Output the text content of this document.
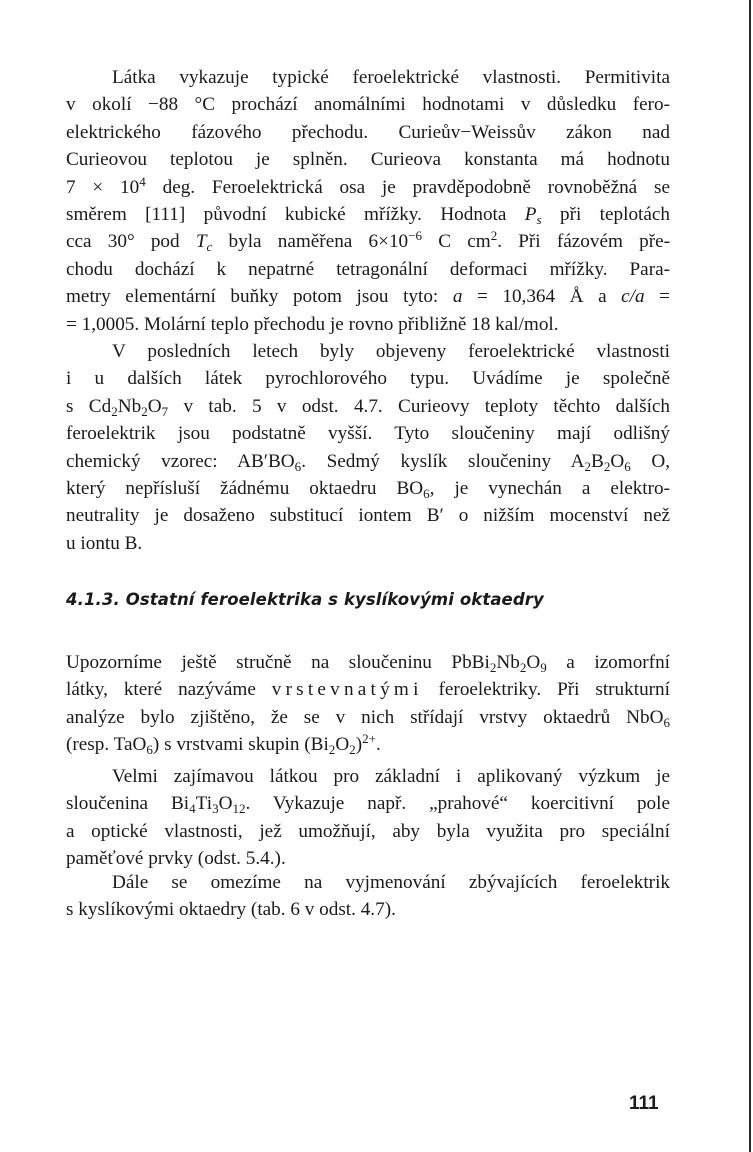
Látka vykazuje typické feroelektrické vlastnosti. Permitivita
v okolí −88 °C prochází anomálními hodnotami v důsledku fero-
elektrického fázového přechodu. Curieův−Weissův zákon nad
Curieovou teplotou je splněn. Curieova konstanta má hodnotu
$7 \times 10^4$ deg. Feroelektrická osa je pravděpodobně rovnoběžná se
směrem [111] původní kubické mřížky. Hodnota $P_s$ při teplotách
cca 30° pod $T_c$ byla naměřena $6\times 10^{-6}$ C $cm^2$. Při fázovém pře-
chodu dochází k nepatrné tetragonální deformaci mřížky. Para-
metry elementární buňky potom jsou tyto: a = 10,364 Å a c/a =
= 1,0005. Molární teplo přechodu je rovno přibližně 18 kal/mol.
V posledních letech byly objeveny feroelektrické vlastnosti
i u dalších látek pyrochlorového typu. Uvádíme je společně
s $Cd_2Nb_2O_7$ v tab. 5 v odst. 4.7. Curieovy teploty těchto dalších
feroelektrik jsou podstatně vyšší. Tyto sloučeniny mají odlišný
chemický vzorec: $AB'BO_6$. Sedmý kyslík sloučeniny $A_2B_2O_6$ O,
který nepřísluší žádnému oktaedru $BO_6$, je vynechán a elektro-
neutrality je dosaženo substitucí iontem B′ o nižším mocenství než
u iontu B.
4.1.3. Ostatní feroelektrika s kyslíkovými oktaedry
Upozorníme ještě stručně na sloučeninu $PbBi_2Nb_2O_9$ a izomorfní
látky, které nazýváme vrstevnatými feroelektriky. Při strukturní
analýze bylo zjištěno, že se v nich střídají vrstvy oktaedrů NbO$_6$
(resp. TaO$_6$) s vrstvami skupin $(Bi_2O_2)^{2+}$.
Velmi zajímavou látkou pro základní i aplikovaný výzkum je
sloučenina $Bi_4Ti_3O_{12}$. Vykazuje např. „prahové“ koercitivní pole
a optické vlastnosti, jež umožňují, aby byla využita pro speciální
paměťové prvky (odst. 5.4.).
Dále se omezíme na vyjmenování zbývajících feroelektrik
s kyslíkovými oktaedry (tab. 6 v odst. 4.7).
111
